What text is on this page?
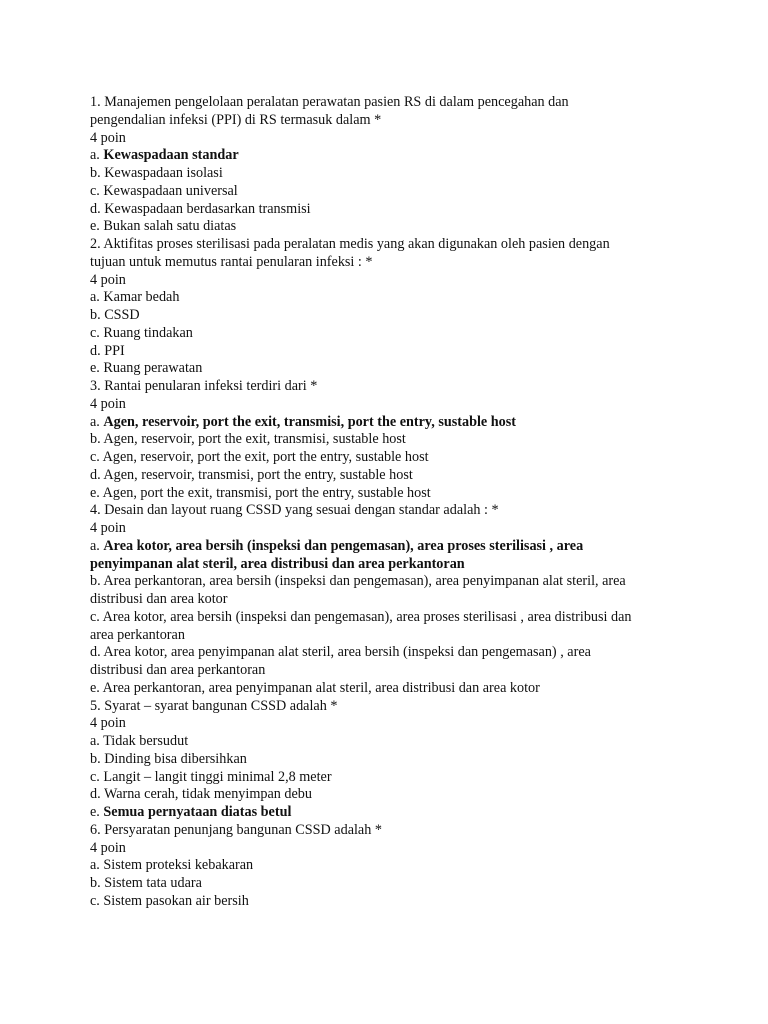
1. Manajemen pengelolaan peralatan perawatan pasien RS di dalam pencegahan dan
pengendalian infeksi (PPI) di RS termasuk dalam *
4 poin
a. Kewaspadaan standar
b. Kewaspadaan isolasi
c. Kewaspadaan universal
d. Kewaspadaan berdasarkan transmisi
e. Bukan salah satu diatas
2. Aktifitas proses sterilisasi pada peralatan medis yang akan digunakan oleh pasien dengan
tujuan untuk memutus rantai penularan infeksi : *
4 poin
a. Kamar bedah
b. CSSD
c. Ruang tindakan
d. PPI
e. Ruang perawatan
3. Rantai penularan infeksi terdiri dari *
4 poin
a. Agen, reservoir, port the exit, transmisi, port the entry, sustable host
b. Agen, reservoir, port the exit, transmisi, sustable host
c. Agen, reservoir, port the exit, port the entry, sustable host
d. Agen, reservoir, transmisi, port the entry, sustable host
e. Agen, port the exit, transmisi, port the entry, sustable host
4. Desain dan layout ruang CSSD yang sesuai dengan standar adalah : *
4 poin
a. Area kotor, area bersih (inspeksi dan pengemasan), area proses sterilisasi , area
penyimpanan alat steril, area distribusi dan area perkantoran
b. Area perkantoran, area bersih (inspeksi dan pengemasan), area penyimpanan alat steril, area
distribusi dan area kotor
c. Area kotor, area bersih (inspeksi dan pengemasan), area proses sterilisasi , area distribusi dan
area perkantoran
d. Area kotor, area penyimpanan alat steril, area bersih (inspeksi dan pengemasan) , area
distribusi dan area perkantoran
e. Area perkantoran, area penyimpanan alat steril, area distribusi dan area kotor
5. Syarat – syarat bangunan CSSD adalah *
4 poin
a. Tidak bersudut
b. Dinding bisa dibersihkan
c. Langit – langit tinggi minimal 2,8 meter
d. Warna cerah, tidak menyimpan debu
e. Semua pernyataan diatas betul
6. Persyaratan penunjang bangunan CSSD adalah *
4 poin
a. Sistem proteksi kebakaran
b. Sistem tata udara
c. Sistem pasokan air bersih
